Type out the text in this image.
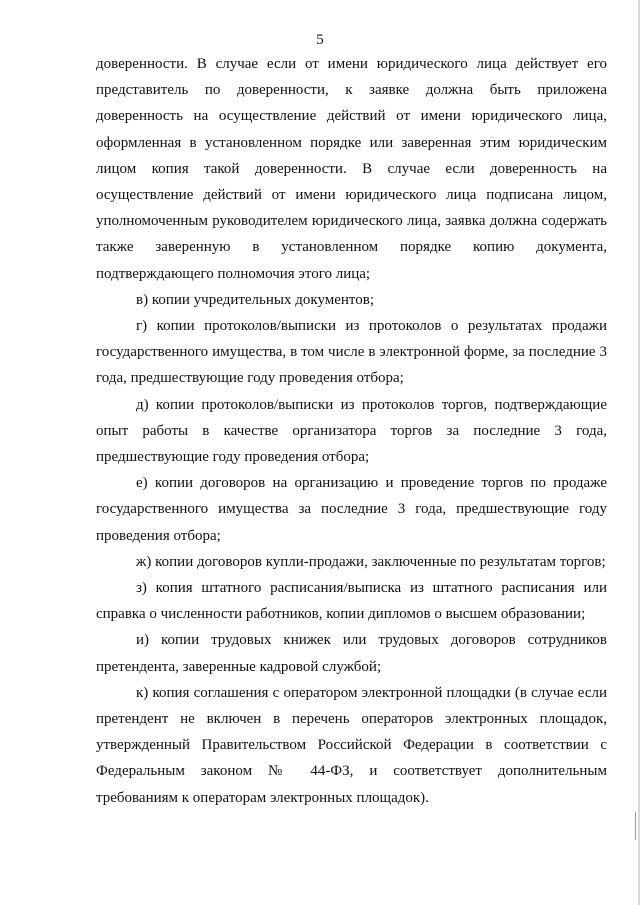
5

доверенности. В случае если от имени юридического лица действует его представитель по доверенности, к заявке должна быть приложена доверенность на осуществление действий от имени юридического лица, оформленная в установленном порядке или заверенная этим юридическим лицом копия такой доверенности. В случае если доверенность на осуществление действий от имени юридического лица подписана лицом, уполномоченным руководителем юридического лица, заявка должна содержать также заверенную в установленном порядке копию документа, подтверждающего полномочия этого лица;

в) копии учредительных документов;

г) копии протоколов/выписки из протоколов о результатах продажи государственного имущества, в том числе в электронной форме, за последние 3 года, предшествующие году проведения отбора;

д) копии протоколов/выписки из протоколов торгов, подтверждающие опыт работы в качестве организатора торгов за последние 3 года, предшествующие году проведения отбора;

е) копии договоров на организацию и проведение торгов по продаже государственного имущества за последние 3 года, предшествующие году проведения отбора;

ж) копии договоров купли-продажи, заключенные по результатам торгов;

з) копия штатного расписания/выписка из штатного расписания или справка о численности работников, копии дипломов о высшем образовании;

и) копии трудовых книжек или трудовых договоров сотрудников претендента, заверенные кадровой службой;

к) копия соглашения с оператором электронной площадки (в случае если претендент не включен в перечень операторов электронных площадок, утвержденный Правительством Российской Федерации в соответствии с Федеральным законом № 44-ФЗ, и соответствует дополнительным требованиям к операторам электронных площадок).
